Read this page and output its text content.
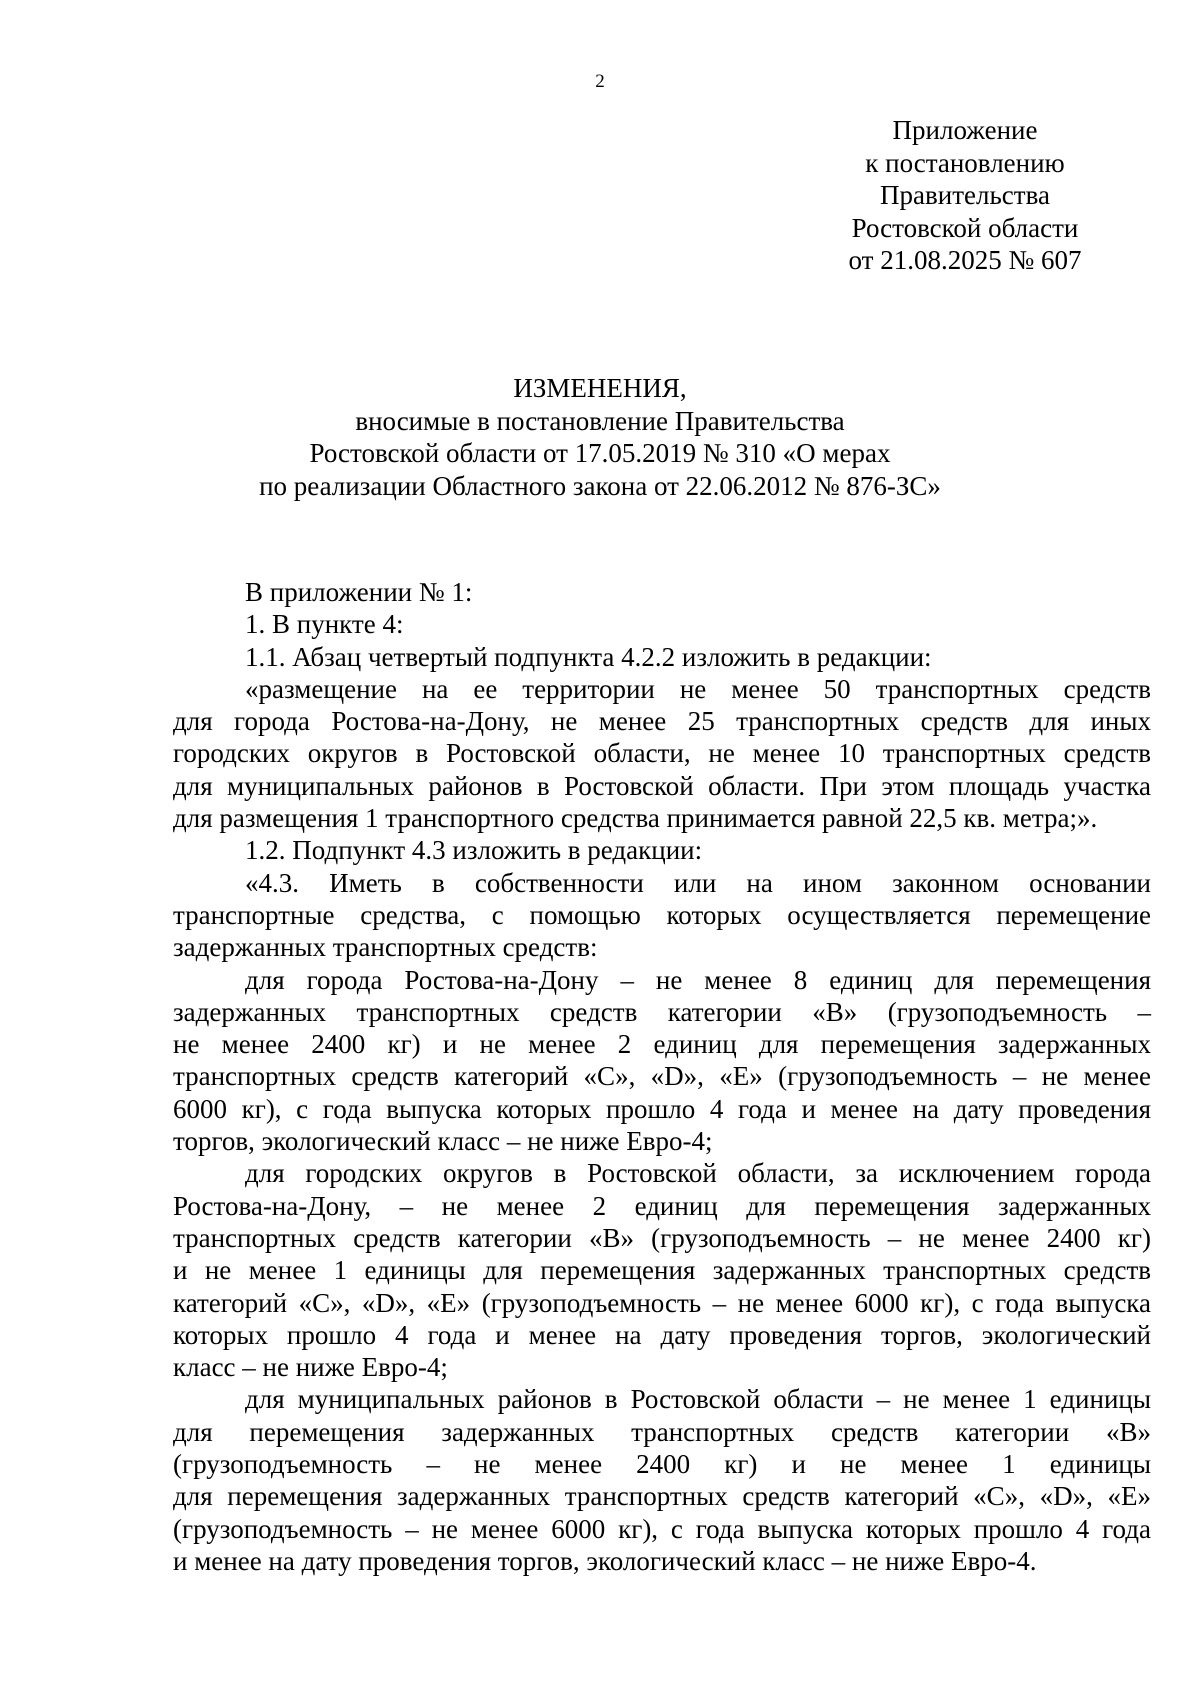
2
Приложение
к постановлению
Правительства
Ростовской области
от 21.08.2025 № 607
ИЗМЕНЕНИЯ,
вносимые в постановление Правительства
Ростовской области от 17.05.2019 № 310 «О мерах
по реализации Областного закона от 22.06.2012 № 876-ЗС»
В приложении № 1:
1. В пункте 4:
1.1. Абзац четвертый подпункта 4.2.2 изложить в редакции:
«размещение на ее территории не менее 50 транспортных средств
для города Ростова-на-Дону, не менее 25 транспортных средств для иных
городских округов в Ростовской области, не менее 10 транспортных средств
для муниципальных районов в Ростовской области. При этом площадь участка
для размещения 1 транспортного средства принимается равной 22,5 кв. метра;».
1.2. Подпункт 4.3 изложить в редакции:
«4.3. Иметь в собственности или на ином законном основании
транспортные средства, с помощью которых осуществляется перемещение
задержанных транспортных средств:
для города Ростова-на-Дону – не менее 8 единиц для перемещения
задержанных транспортных средств категории «В» (грузоподъемность –
не менее 2400 кг) и не менее 2 единиц для перемещения задержанных
транспортных средств категорий «С», «D», «Е» (грузоподъемность – не менее
6000 кг), с года выпуска которых прошло 4 года и менее на дату проведения
торгов, экологический класс – не ниже Евро-4;
для городских округов в Ростовской области, за исключением города
Ростова-на-Дону, – не менее 2 единиц для перемещения задержанных
транспортных средств категории «В» (грузоподъемность – не менее 2400 кг)
и не менее 1 единицы для перемещения задержанных транспортных средств
категорий «С», «D», «Е» (грузоподъемность – не менее 6000 кг), с года выпуска
которых прошло 4 года и менее на дату проведения торгов, экологический
класс – не ниже Евро-4;
для муниципальных районов в Ростовской области – не менее 1 единицы
для перемещения задержанных транспортных средств категории «В»
(грузоподъемность – не менее 2400 кг) и не менее 1 единицы
для перемещения задержанных транспортных средств категорий «С», «D», «Е»
(грузоподъемность – не менее 6000 кг), с года выпуска которых прошло 4 года
и менее на дату проведения торгов, экологический класс – не ниже Евро-4.
